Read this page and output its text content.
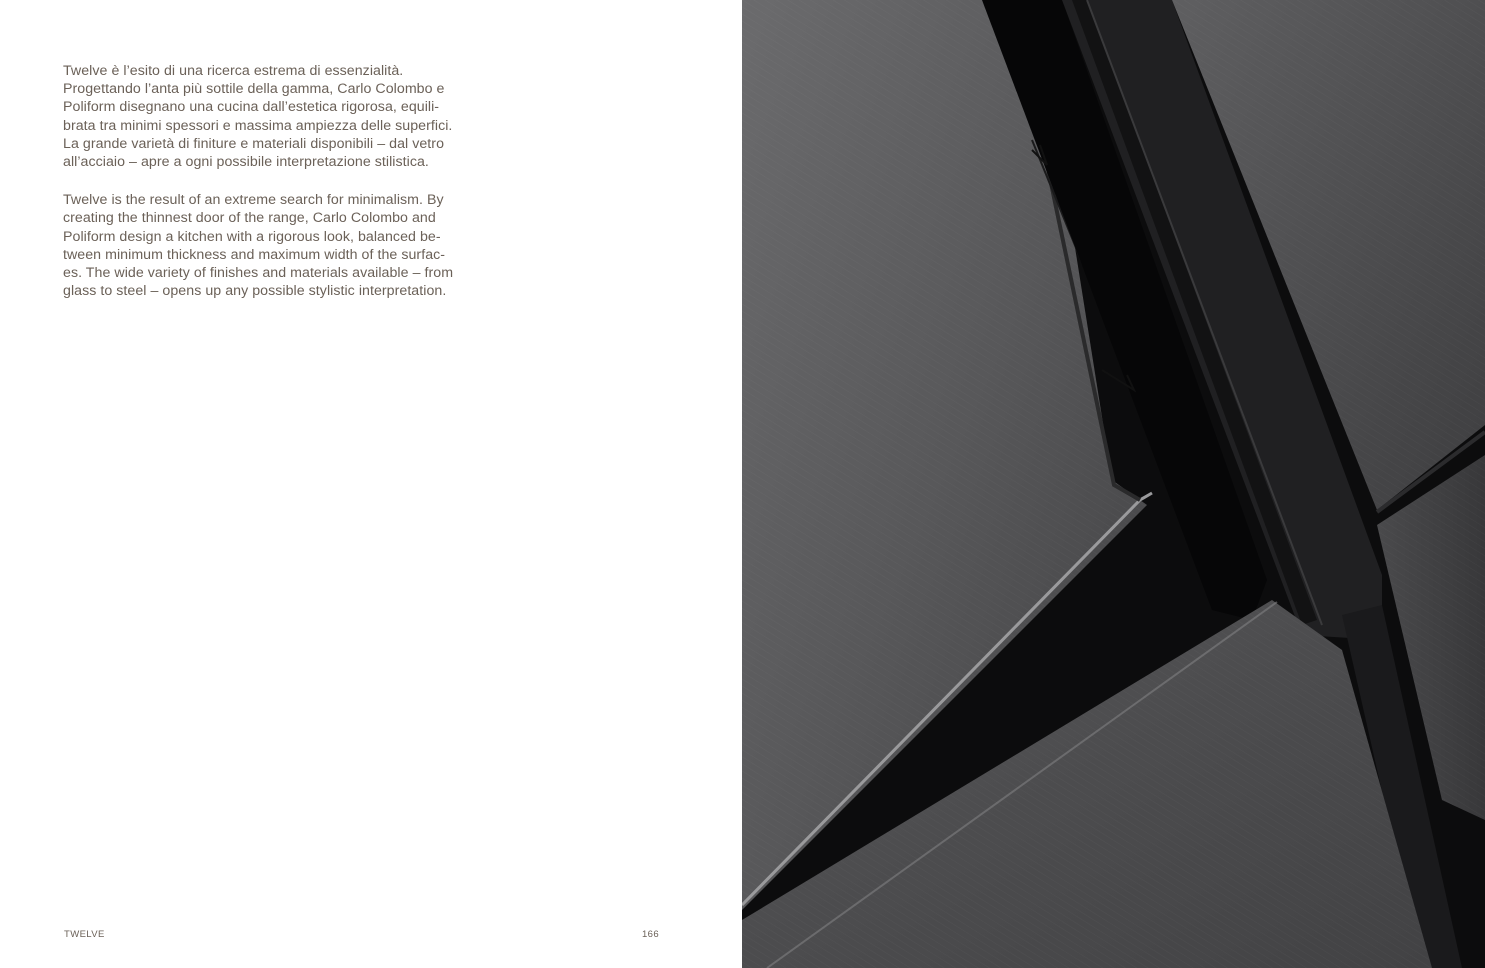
Twelve è l’esito di una ricerca estrema di essenzialità.
Progettando l’anta più sottile della gamma, Carlo Colombo e
Poliform disegnano una cucina dall’estetica rigorosa, equili-
brata tra minimi spessori e massima ampiezza delle superfici.
La grande varietà di finiture e materiali disponibili – dal vetro
all’acciaio – apre a ogni possibile interpretazione stilistica.

Twelve is the result of an extreme search for minimalism. By
creating the thinnest door of the range, Carlo Colombo and
Poliform design a kitchen with a rigorous look, balanced be-
tween minimum thickness and maximum width of the surfac-
es. The wide variety of finishes and materials available – from
glass to steel – opens up any possible stylistic interpretation.

TWELVE	166
